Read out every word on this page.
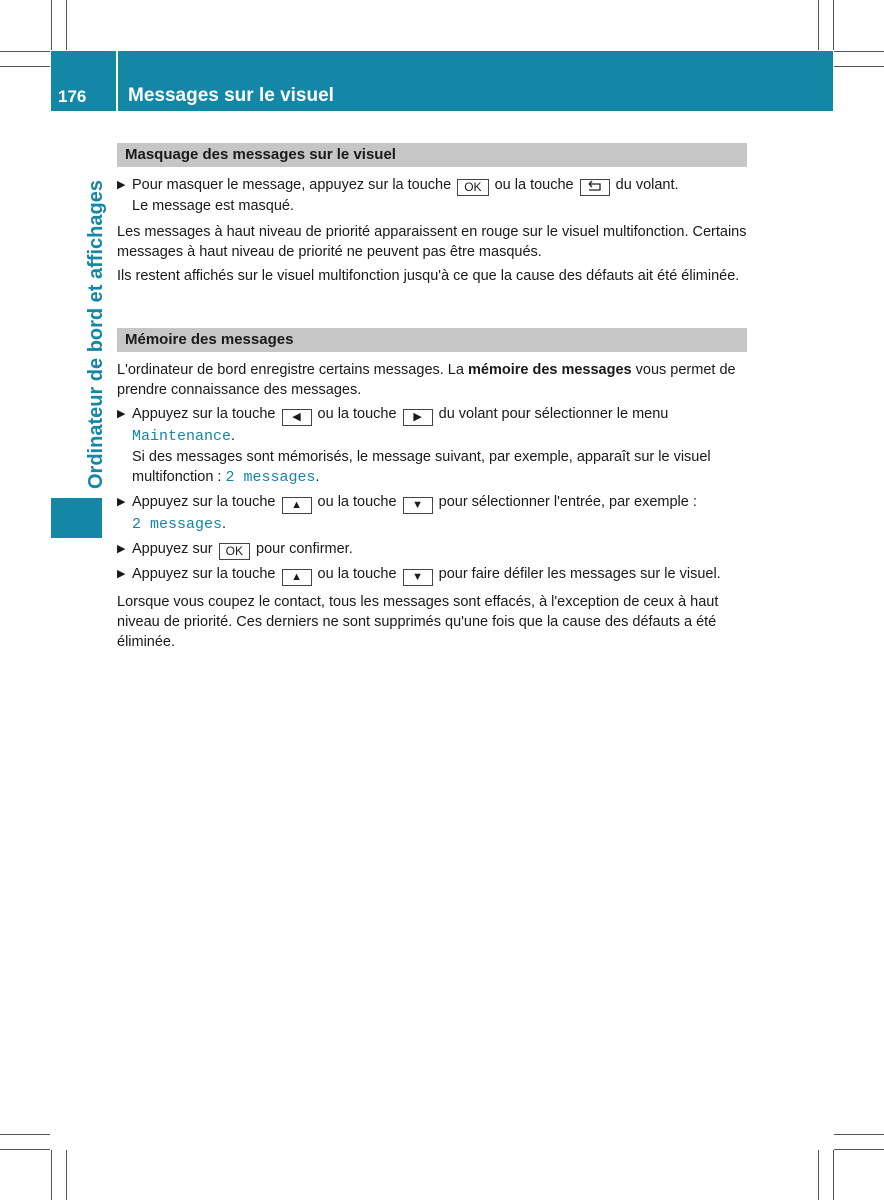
176	Messages sur le visuel
Ordinateur de bord et affichages
Masquage des messages sur le visuel
▶ Pour masquer le message, appuyez sur la touche OK ou la touche	du volant.
Le message est masqué.

Les messages à haut niveau de priorité apparaissent en rouge sur le visuel multifonction. Certains messages à haut niveau de priorité ne peuvent pas être masqués.

Ils restent affichés sur le visuel multifonction jusqu'à ce que la cause des défauts ait été éliminée.

Mémoire des messages

L'ordinateur de bord enregistre certains messages. La mémoire des messages vous permet de prendre connaissance des messages.

▶ Appuyez sur la touche ◀ ou la touche ▶ du volant pour sélectionner le menu Maintenance.
Si des messages sont mémorisés, le message suivant, par exemple, apparaît sur le visuel multifonction : 2 messages.
▶ Appuyez sur la touche ▲ ou la touche ▼ pour sélectionner l'entrée, par exemple :
2 messages.
▶ Appuyez sur OK pour confirmer.
▶ Appuyez sur la touche ▲ ou la touche ▼ pour faire défiler les messages sur le visuel.

Lorsque vous coupez le contact, tous les messages sont effacés, à l'exception de ceux à haut niveau de priorité. Ces derniers ne sont supprimés qu'une fois que la cause des défauts a été éliminée.
